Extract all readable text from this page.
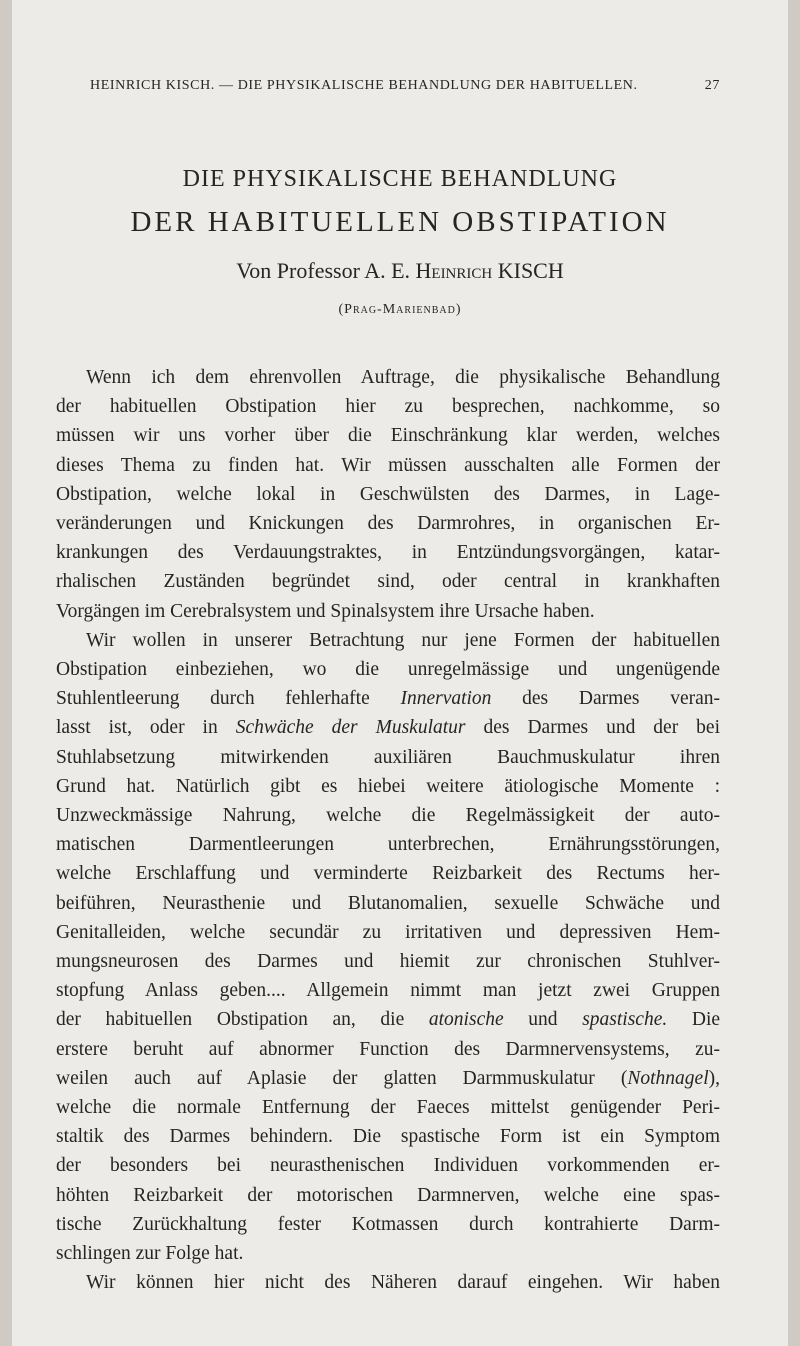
HEINRICH KISCH. — DIE PHYSIKALISCHE BEHANDLUNG DER HABITUELLEN.	27
DIE PHYSIKALISCHE BEHANDLUNG
DER HABITUELLEN OBSTIPATION
Von Professor A. E. Heinrich KISCH
(Prag-Marienbad)
Wenn ich dem ehrenvollen Auftrage, die physikalische Behandlung
der habituellen Obstipation hier zu besprechen, nachkomme, so
müssen wir uns vorher über die Einschränkung klar werden, welches
dieses Thema zu finden hat. Wir müssen ausschalten alle Formen der
Obstipation, welche lokal in Geschwülsten des Darmes, in Lage-
veränderungen und Knickungen des Darmrohres, in organischen Er-
krankungen des Verdauungstraktes, in Entzündungsvorgängen, katar-
rhalischen Zuständen begründet sind, oder central in krankhaften
Vorgängen im Cerebralsystem und Spinalsystem ihre Ursache haben.
Wir wollen in unserer Betrachtung nur jene Formen der habituellen
Obstipation einbeziehen, wo die unregelmässige und ungenügende
Stuhlentleerung durch fehlerhafte Innervation des Darmes veran-
lasst ist, oder in Schwäche der Muskulatur des Darmes und der bei
Stuhlabsetzung mitwirkenden auxiliären Bauchmuskulatur ihren
Grund hat. Natürlich gibt es hiebei weitere ätiologische Momente :
Unzweckmässige Nahrung, welche die Regelmässigkeit der auto-
matischen Darmentleerungen unterbrechen, Ernährungsstörungen,
welche Erschlaffung und verminderte Reizbarkeit des Rectums her-
beiführen, Neurasthenie und Blutanomalien, sexuelle Schwäche und
Genitalleiden, welche secundär zu irritativen und depressiven Hem-
mungsneurosen des Darmes und hiemit zur chronischen Stuhlver-
stopfung Anlass geben.... Allgemein nimmt man jetzt zwei Gruppen
der habituellen Obstipation an, die atonische und spastische. Die
erstere beruht auf abnormer Function des Darmnervensystems, zu-
weilen auch auf Aplasie der glatten Darmmuskulatur (Nothnagel),
welche die normale Entfernung der Faeces mittelst genügender Peri-
staltik des Darmes behindern. Die spastische Form ist ein Symptom
der besonders bei neurasthenischen Individuen vorkommenden er-
höhten Reizbarkeit der motorischen Darmnerven, welche eine spas-
tische Zurückhaltung fester Kotmassen durch kontrahierte Darm-
schlingen zur Folge hat.
Wir können hier nicht des Näheren darauf eingehen. Wir haben
